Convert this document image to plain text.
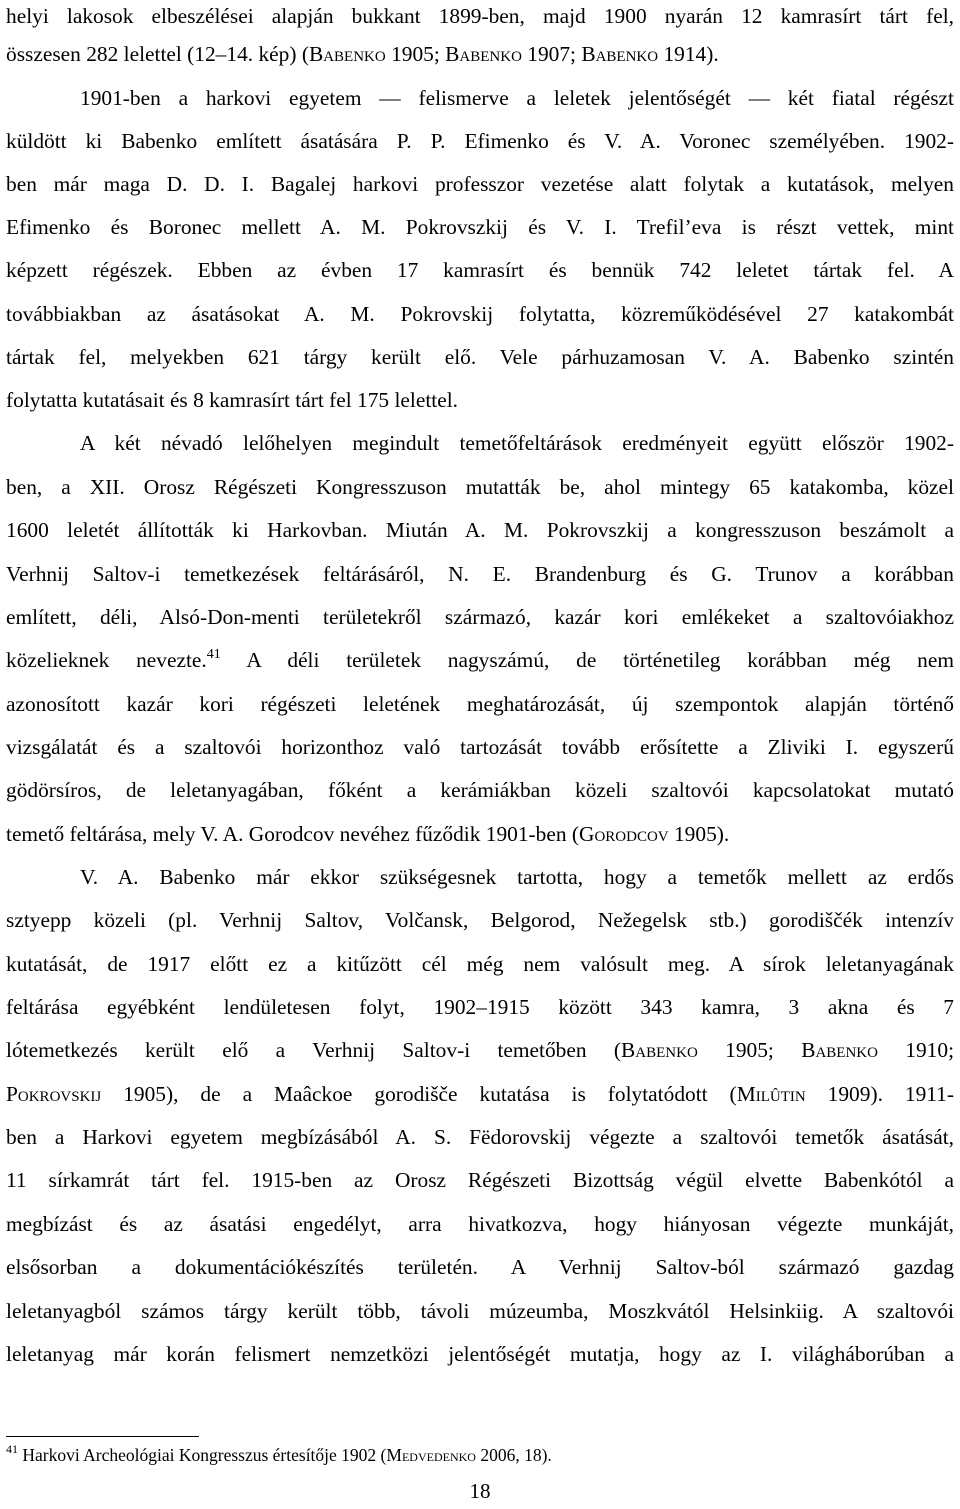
helyi lakosok elbeszélései alapján bukkant 1899-ben, majd 1900 nyarán 12 kamrasírt tárt fel,
összesen 282 lelettel (12–14. kép) (Babenko 1905; Babenko 1907; Babenko 1914).
1901-ben a harkovi egyetem — felismerve a leletek jelentőségét — két fiatal régészt
küldött ki Babenko említett ásatására P. P. Efimenko és V. A. Voronec személyében. 1902-
ben már maga D. D. I. Bagalej harkovi professzor vezetése alatt folytak a kutatások, melyen
Efimenko és Boronec mellett A. M. Pokrovszkij és V. I. Trefil’eva is részt vettek, mint
képzett régészek. Ebben az évben 17 kamrasírt és bennük 742 leletet tártak fel. A
továbbiakban az ásatásokat A. M. Pokrovskij folytatta, közreműködésével 27 katakombát
tártak fel, melyekben 621 tárgy került elő. Vele párhuzamosan V. A. Babenko szintén
folytatta kutatásait és 8 kamrasírt tárt fel 175 lelettel.
A két névadó lelőhelyen megindult temetőfeltárások eredményeit együtt először 1902-
ben, a XII. Orosz Régészeti Kongresszuson mutatták be, ahol mintegy 65 katakomba, közel
1600 leletét állították ki Harkovban. Miután A. M. Pokrovszkij a kongresszuson beszámolt a
Verhnij Saltov-i temetkezések feltárásáról, N. E. Brandenburg és G. Trunov a korábban
említett, déli, Alsó-Don-menti területekről származó, kazár kori emlékeket a szaltovóiakhoz
közelieknek nevezte.$^{41}$ A déli területek nagyszámú, de történetileg korábban még nem
azonosított kazár kori régészeti leletének meghatározását, új szempontok alapján történő
vizsgálatát és a szaltovói horizonthoz való tartozását tovább erősítette a Zliviki I. egyszerű
gödörsíros, de leletanyagában, főként a kerámiákban közeli szaltovói kapcsolatokat mutató
temető feltárása, mely V. A. Gorodcov nevéhez fűződik 1901-ben (Gorodcov 1905).
V. A. Babenko már ekkor szükségesnek tartotta, hogy a temetők mellett az erdős
sztyepp közeli (pl. Verhnij Saltov, Volčansk, Belgorod, Nežegelsk stb.) gorodiščék intenzív
kutatását, de 1917 előtt ez a kitűzött cél még nem valósult meg. A sírok leletanyagának
feltárása egyébként lendületesen folyt, 1902–1915 között 343 kamra, 3 akna és 7
lótemetkezés került elő a Verhnij Saltov-i temetőben (Babenko 1905; Babenko 1910;
Pokrovskij 1905), de a Maâckoe gorodišče kutatása is folytatódott (Milûtin 1909). 1911-
ben a Harkovi egyetem megbízásából A. S. Fëdorovskij végezte a szaltovói temetők ásatását,
11 sírkamrát tárt fel. 1915-ben az Orosz Régészeti Bizottság végül elvette Babenkótól a
megbízást és az ásatási engedélyt, arra hivatkozva, hogy hiányosan végezte munkáját,
elsősorban a dokumentációkészítés területén. A Verhnij Saltov-ból származó gazdag
leletanyagból számos tárgy került több, távoli múzeumba, Moszkvától Helsinkiig. A szaltovói
leletanyag már korán felismert nemzetközi jelentőségét mutatja, hogy az I. világháborúban a
$^{41}$ Harkovi Archeológiai Kongresszus értesítője 1902 (Medvedenko 2006, 18).
18
